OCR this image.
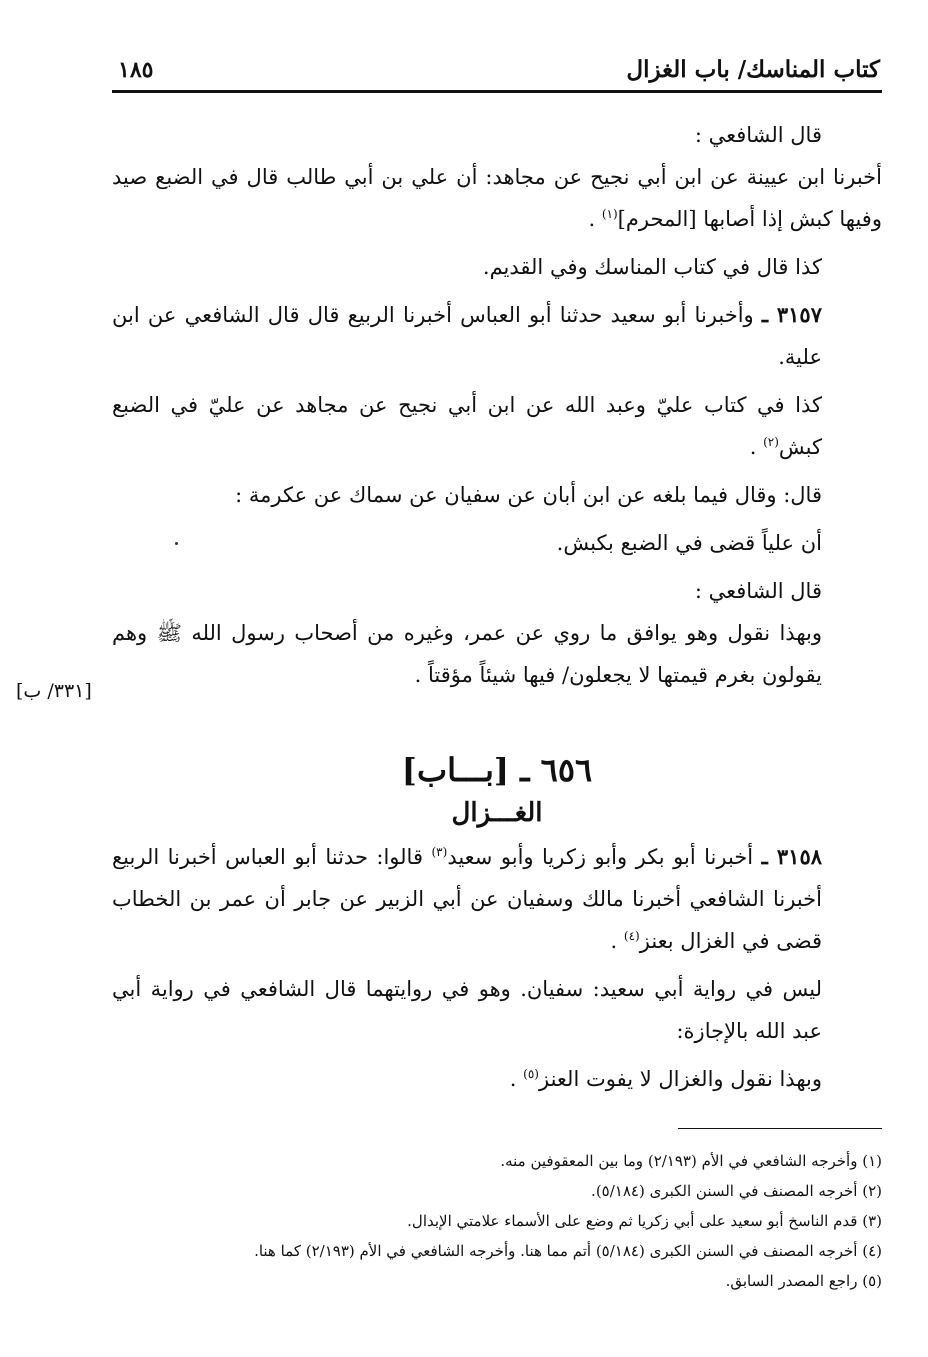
كتاب المناسك/ باب الغزال
١٨٥

قال الشافعي :

أخبرنا ابن عيينة عن ابن أبي نجيح عن مجاهد: أن علي بن أبي طالب قال في الضبع صيد وفيها كبش إذا أصابها [المحرم]$^{(١)}$ .

كذا قال في كتاب المناسك وفي القديم.

٣١٥٧ ـ وأخبرنا أبو سعيد حدثنا أبو العباس أخبرنا الربيع قال قال الشافعي عن ابن علية.

كذا في كتاب عليّ وعبد الله عن ابن أبي نجيح عن مجاهد عن عليّ في الضبع كبش$^{(٢)}$ .

قال: وقال فيما بلغه عن ابن أبان عن سفيان عن سماك عن عكرمة :

أن علياً قضى في الضبع بكبش.

قال الشافعي :

وبهذا نقول وهو يوافق ما روي عن عمر، وغيره من أصحاب رسول الله ﷺ وهم يقولون بغرم قيمتها لا يجعلون/ فيها شيئاً مؤقتاً .

[٣٣١/ ب]
٦٥٦ ـ [بـــاب]
الغـــزال

٣١٥٨ ـ أخبرنا أبو بكر وأبو زكريا وأبو سعيد$^{(٣)}$ قالوا: حدثنا أبو العباس أخبرنا الربيع أخبرنا الشافعي أخبرنا مالك وسفيان عن أبي الزبير عن جابر أن عمر بن الخطاب قضى في الغزال بعنز$^{(٤)}$ .

ليس في رواية أبي سعيد: سفيان. وهو في روايتهما قال الشافعي في رواية أبي عبد الله بالإجازة:

وبهذا نقول والغزال لا يفوت العنز$^{(٥)}$ .

(١) وأخرجه الشافعي في الأم (٢/١٩٣) وما بين المعقوفين منه.
(٢) أخرجه المصنف في السنن الكبرى (٥/١٨٤).
(٣) قدم الناسخ أبو سعيد على أبي زكريا ثم وضع على الأسماء علامتي الإبدال.
(٤) أخرجه المصنف في السنن الكبرى (٥/١٨٤) أتم مما هنا. وأخرجه الشافعي في الأم (٢/١٩٣) كما هنا.
(٥) راجع المصدر السابق.
